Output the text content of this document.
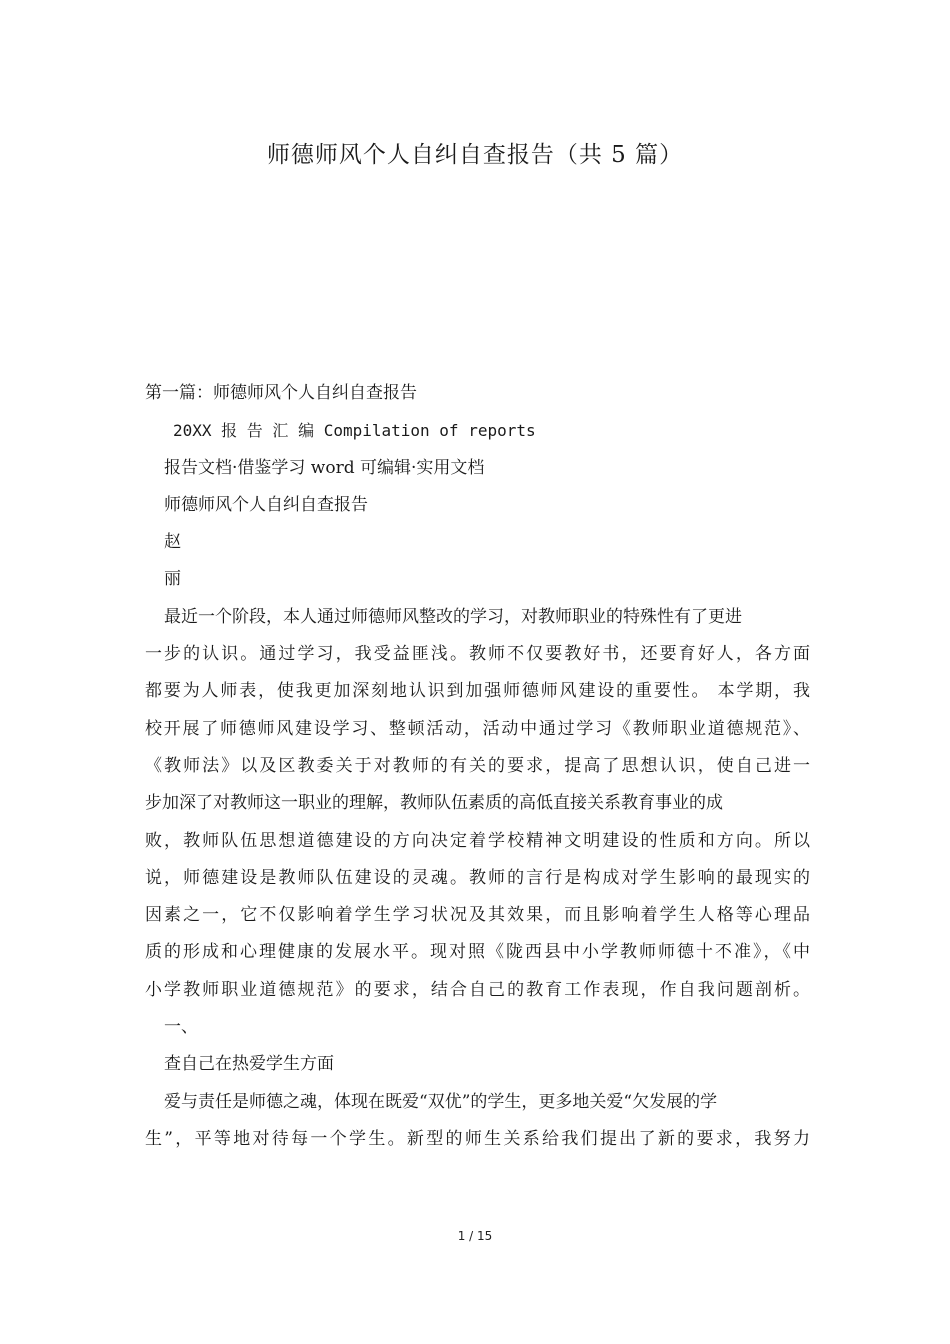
师德师风个人自纠自查报告（共 5 篇）
第一篇：师德师风个人自纠自查报告
20XX 报 告 汇 编 Compilation of reports
报告文档·借鉴学习 word 可编辑·实用文档
师德师风个人自纠自查报告
赵
丽
最近一个阶段，本人通过师德师风整改的学习，对教师职业的特殊性有了更进
一步的认识。通过学习，我受益匪浅。教师不仅要教好书，还要育好人，各方面
都要为人师表，使我更加深刻地认识到加强师德师风建设的重要性。 本学期，我
校开展了师德师风建设学习、整顿活动，活动中通过学习《教师职业道德规范》、
《教师法》以及区教委关于对教师的有关的要求，提高了思想认识，使自己进一
步加深了对教师这一职业的理解，教师队伍素质的高低直接关系教育事业的成
败，教师队伍思想道德建设的方向决定着学校精神文明建设的性质和方向。所以
说，师德建设是教师队伍建设的灵魂。教师的言行是构成对学生影响的最现实的
因素之一，它不仅影响着学生学习状况及其效果，而且影响着学生人格等心理品
质的形成和心理健康的发展水平。现对照《陇西县中小学教师师德十不准》，《中
小学教师职业道德规范》的要求，结合自己的教育工作表现，作自我问题剖析。
一、
查自己在热爱学生方面
爱与责任是师德之魂，体现在既爱“双优”的学生，更多地关爱“欠发展的学
生”，平等地对待每一个学生。新型的师生关系给我们提出了新的要求，我努力
1 / 15
